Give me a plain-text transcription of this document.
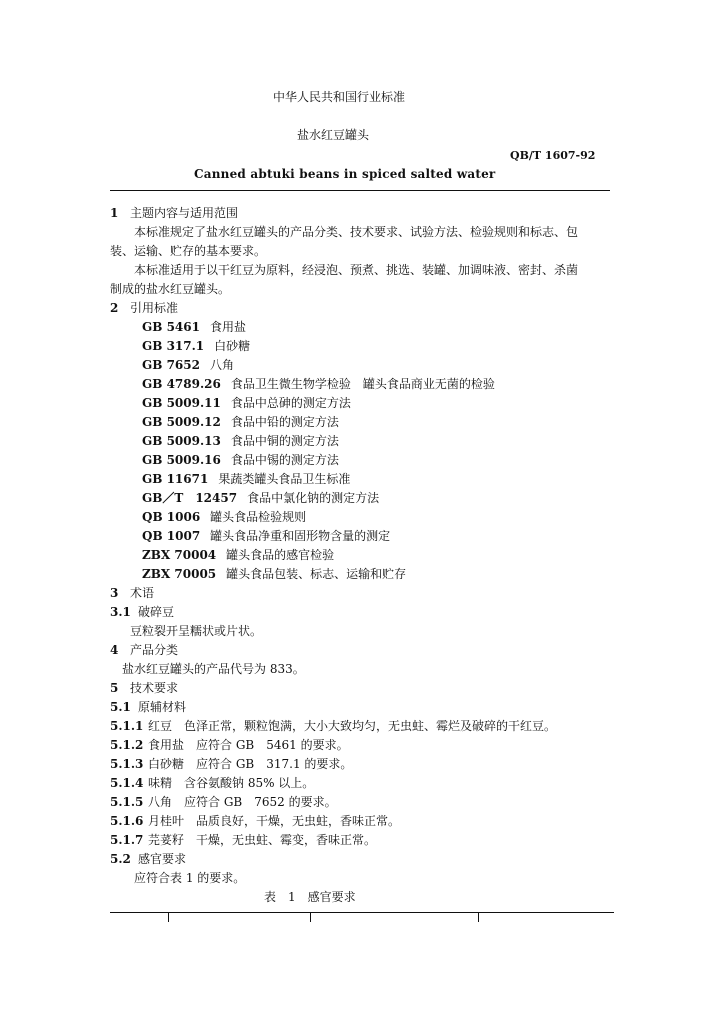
中华人民共和国行业标准
盐水红豆罐头
QB/T 1607-92
Canned abtuki beans in spiced salted water
1 主题内容与适用范围
本标准规定了盐水红豆罐头的产品分类、技术要求、试验方法、检验规则和标志、包
装、运输、贮存的基本要求。
本标准适用于以干红豆为原料，经浸泡、预煮、挑选、装罐、加调味液、密封、杀菌
制成的盐水红豆罐头。
2 引用标准
GB 5461 食用盐
GB 317.1 白砂糖
GB 7652 八角
GB 4789.26 食品卫生微生物学检验　罐头食品商业无菌的检验
GB 5009.11 食品中总砷的测定方法
GB 5009.12 食品中铅的测定方法
GB 5009.13 食品中铜的测定方法
GB 5009.16 食品中锡的测定方法
GB 11671 果蔬类罐头食品卫生标准
GB／T　12457 食品中氯化钠的测定方法
QB 1006 罐头食品检验规则
QB 1007 罐头食品净重和固形物含量的测定
ZBX 70004 罐头食品的感官检验
ZBX 70005 罐头食品包装、标志、运输和贮存
3 术语
3.1 破碎豆
豆粒裂开呈糯状或片状。
4 产品分类
盐水红豆罐头的产品代号为 833。
5 技术要求
5.1 原辅材料
5.1.1 红豆　色泽正常，颗粒饱满，大小大致均匀，无虫蛀、霉烂及破碎的干红豆。
5.1.2 食用盐　应符合 GB　5461 的要求。
5.1.3 白砂糖　应符合 GB　317.1 的要求。
5.1.4 味精　含谷氨酸钠 85% 以上。
5.1.5 八角　应符合 GB　7652 的要求。
5.1.6 月桂叶　品质良好，干燥，无虫蛀，香味正常。
5.1.7 芫荽籽　干燥，无虫蛀、霉变，香味正常。
5.2 感官要求
应符合表 1 的要求。
表　1　感官要求
